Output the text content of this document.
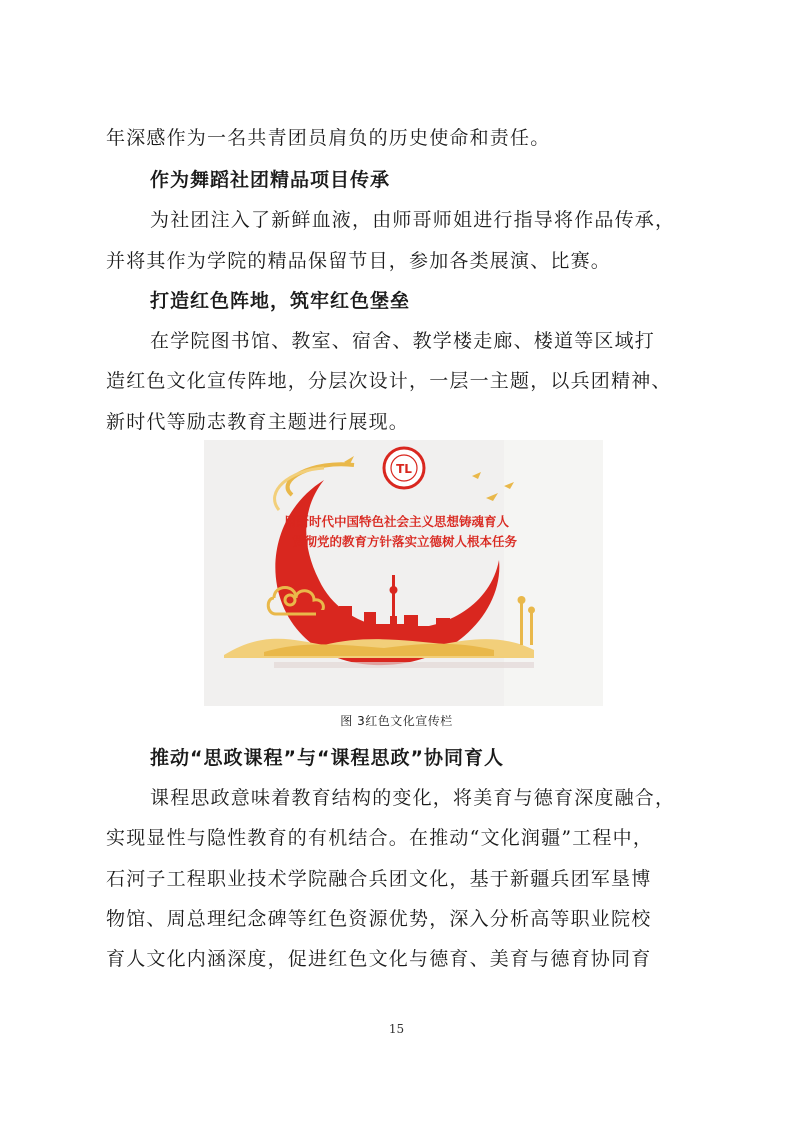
年深感作为一名共青团员肩负的历史使命和责任。
作为舞蹈社团精品项目传承
为社团注入了新鲜血液，由师哥师姐进行指导将作品传承，
并将其作为学院的精品保留节目，参加各类展演、比赛。
打造红色阵地，筑牢红色堡垒
在学院图书馆、教室、宿舍、教学楼走廊、楼道等区域打
造红色文化宣传阵地，分层次设计，一层一主题，以兵团精神、
新时代等励志教育主题进行展现。
TL
用新时代中国特色社会主义思想铸魂育人
贯彻党的教育方针落实立德树人根本任务
图 3红色文化宣传栏
推动“思政课程”与“课程思政”协同育人
课程思政意味着教育结构的变化，将美育与德育深度融合，
实现显性与隐性教育的有机结合。在推动“文化润疆”工程中，
石河子工程职业技术学院融合兵团文化，基于新疆兵团军垦博
物馆、周总理纪念碑等红色资源优势，深入分析高等职业院校
育人文化内涵深度，促进红色文化与德育、美育与德育协同育
15
